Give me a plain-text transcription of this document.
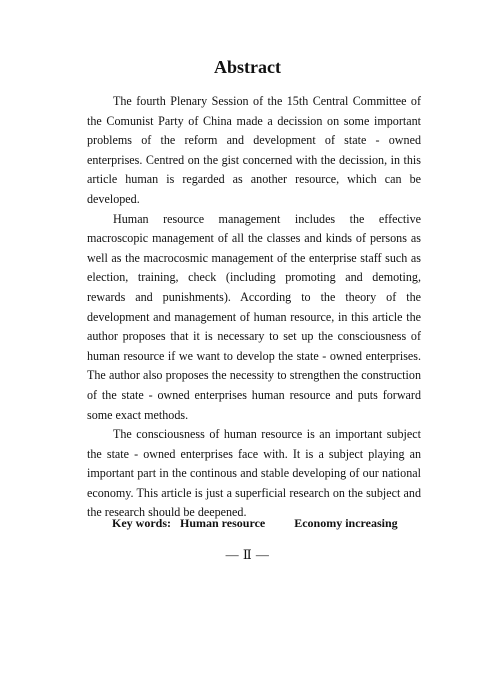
Abstract

The fourth Plenary Session of the 15th Central Committee of the Comunist Party of China made a decission on some important problems of the reform and development of state - owned enterprises. Centred on the gist concerned with the decission, in this article human is regarded as another resource, which can be developed.

Human resource management includes the effective macroscopic management of all the classes and kinds of persons as well as the macrocosmic management of the enterprise staff such as election, training, check (including promoting and demoting, rewards and punishments). According to the theory of the development and management of human resource, in this article the author proposes that it is necessary to set up the consciousness of human resource if we want to develop the state - owned enterprises. The author also proposes the necessity to strengthen the construction of the state - owned enterprises human resource and puts forward some exact methods.

The consciousness of human resource is an important subject the state - owned enterprises face with. It is a subject playing an important part in the continous and stable developing of our national economy. This article is just a superficial research on the subject and the research should be deepened.

Key words: Human resource Economy increasing
— Ⅱ —
